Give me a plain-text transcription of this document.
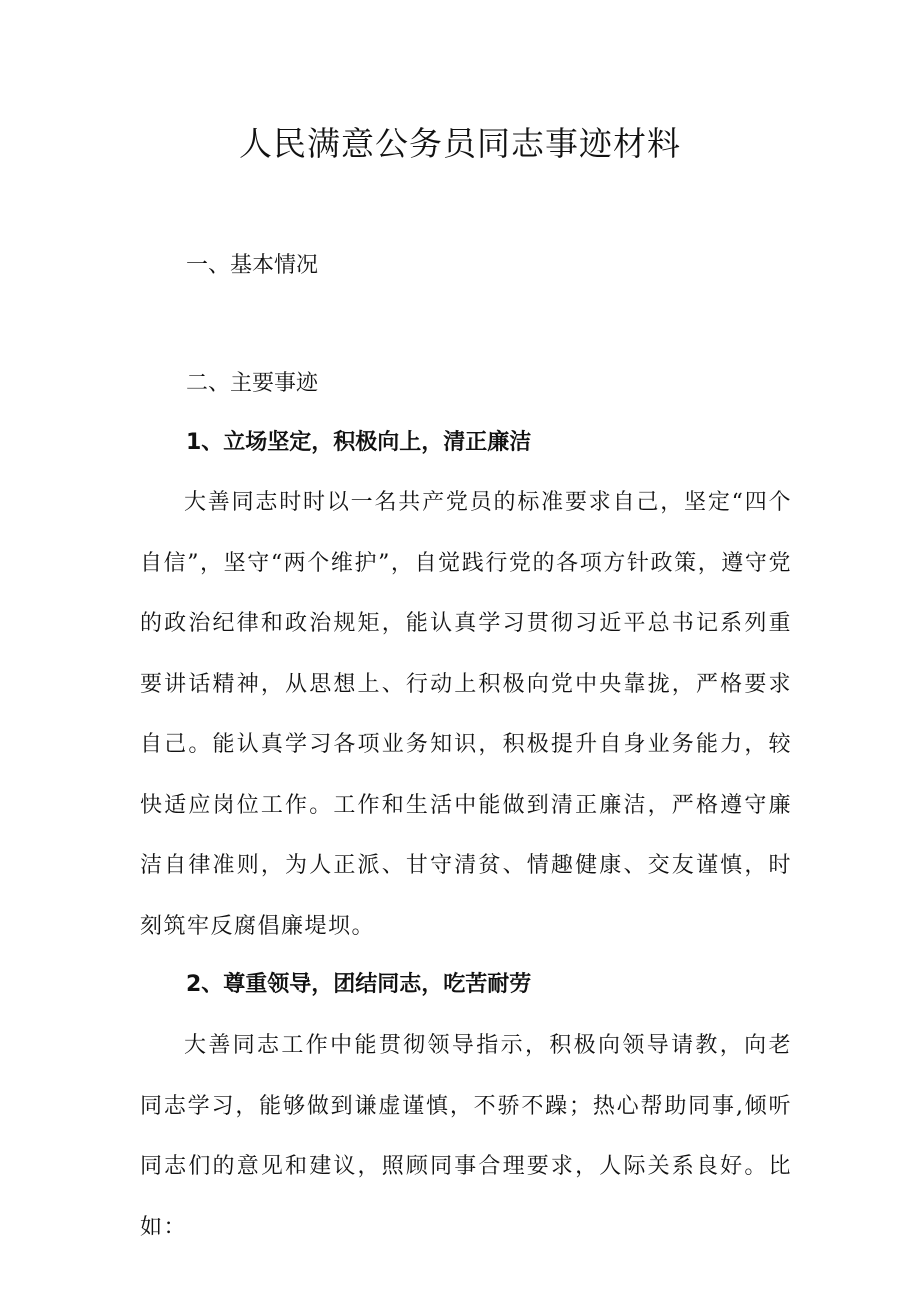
人民满意公务员同志事迹材料
一、基本情况
二、主要事迹
1、立场坚定，积极向上，清正廉洁

大善同志时时以一名共产党员的标准要求自己，坚定“四个自信”，坚守“两个维护”，自觉践行党的各项方针政策，遵守党的政治纪律和政治规矩，能认真学习贯彻习近平总书记系列重要讲话精神，从思想上、行动上积极向党中央靠拢，严格要求自己。能认真学习各项业务知识，积极提升自身业务能力，较快适应岗位工作。工作和生活中能做到清正廉洁，严格遵守廉洁自律准则，为人正派、甘守清贫、情趣健康、交友谨慎，时刻筑牢反腐倡廉堤坝。

2、尊重领导，团结同志，吃苦耐劳

大善同志工作中能贯彻领导指示，积极向领导请教，向老同志学习，能够做到谦虚谨慎，不骄不躁；热心帮助同事,倾听同志们的意见和建议，照顾同事合理要求，人际关系良好。比如：
